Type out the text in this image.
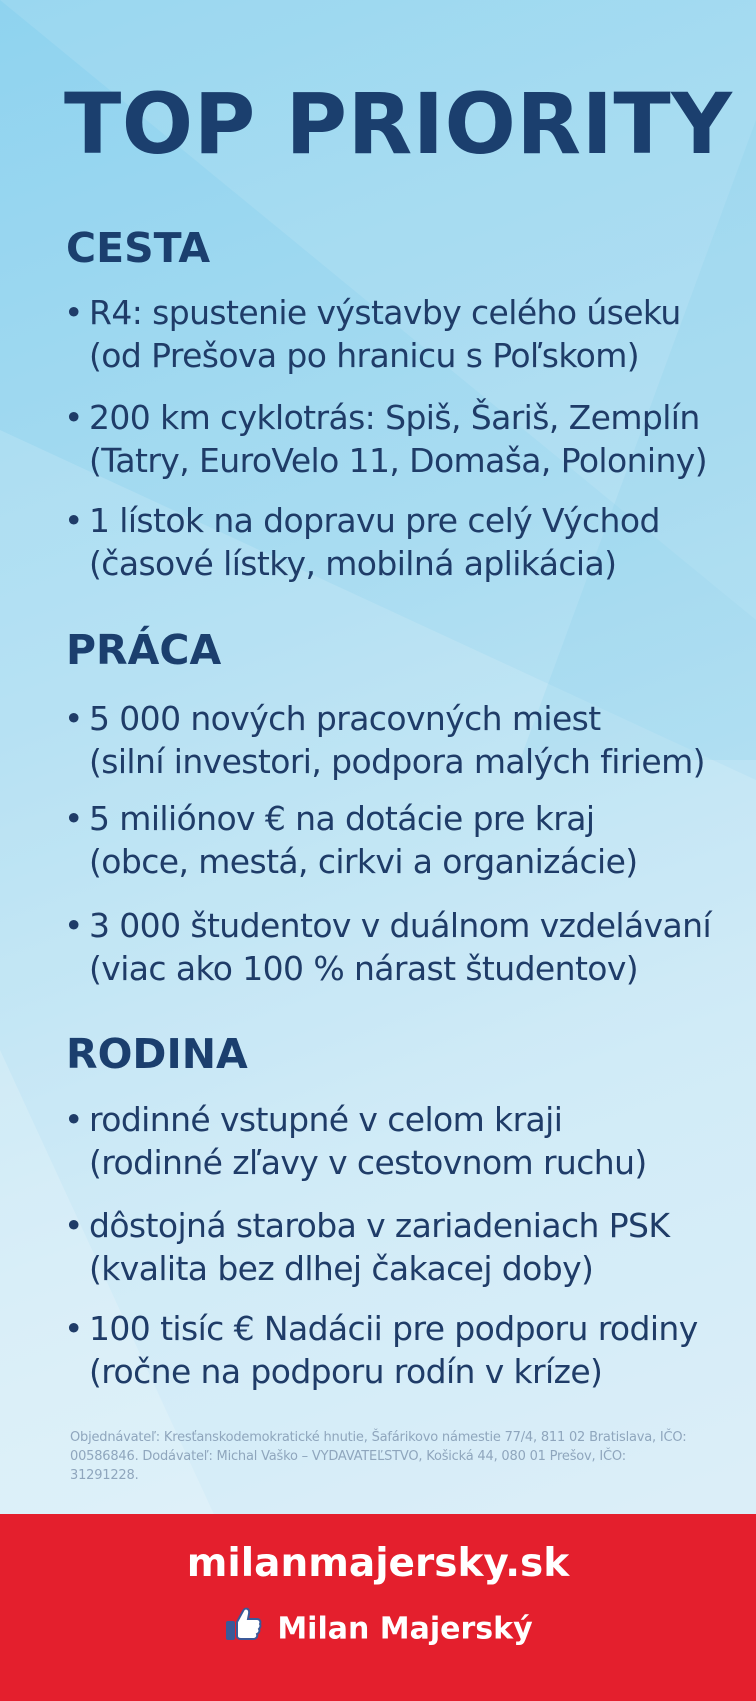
TOP PRIORITY
CESTA
• R4: spustenie výstavby celého úseku
(od Prešova po hranicu s Poľskom)
• 200 km cyklotrás: Spiš, Šariš, Zemplín
(Tatry, EuroVelo 11, Domaša, Poloniny)
• 1 lístok na dopravu pre celý Východ
(časové lístky, mobilná aplikácia)
PRÁCA
• 5 000 nových pracovných miest
(silní investori, podpora malých firiem)
• 5 miliónov € na dotácie pre kraj
(obce, mestá, cirkvi a organizácie)
• 3 000 študentov v duálnom vzdelávaní
(viac ako 100 % nárast študentov)
RODINA
• rodinné vstupné v celom kraji
(rodinné zľavy v cestovnom ruchu)
• dôstojná staroba v zariadeniach PSK
(kvalita bez dlhej čakacej doby)
• 100 tisíc € Nadácii pre podporu rodiny
(ročne na podporu rodín v kríze)
Objednávateľ: Kresťanskodemokratické hnutie, Šafárikovo námestie 77/4, 811 02 Bratislava, IČO: 00586846. Dodávateľ: Michal Vaško – VYDAVATEĽSTVO, Košická 44, 080 01 Prešov, IČO: 31291228.
milanmajersky.sk
Milan Majerský
